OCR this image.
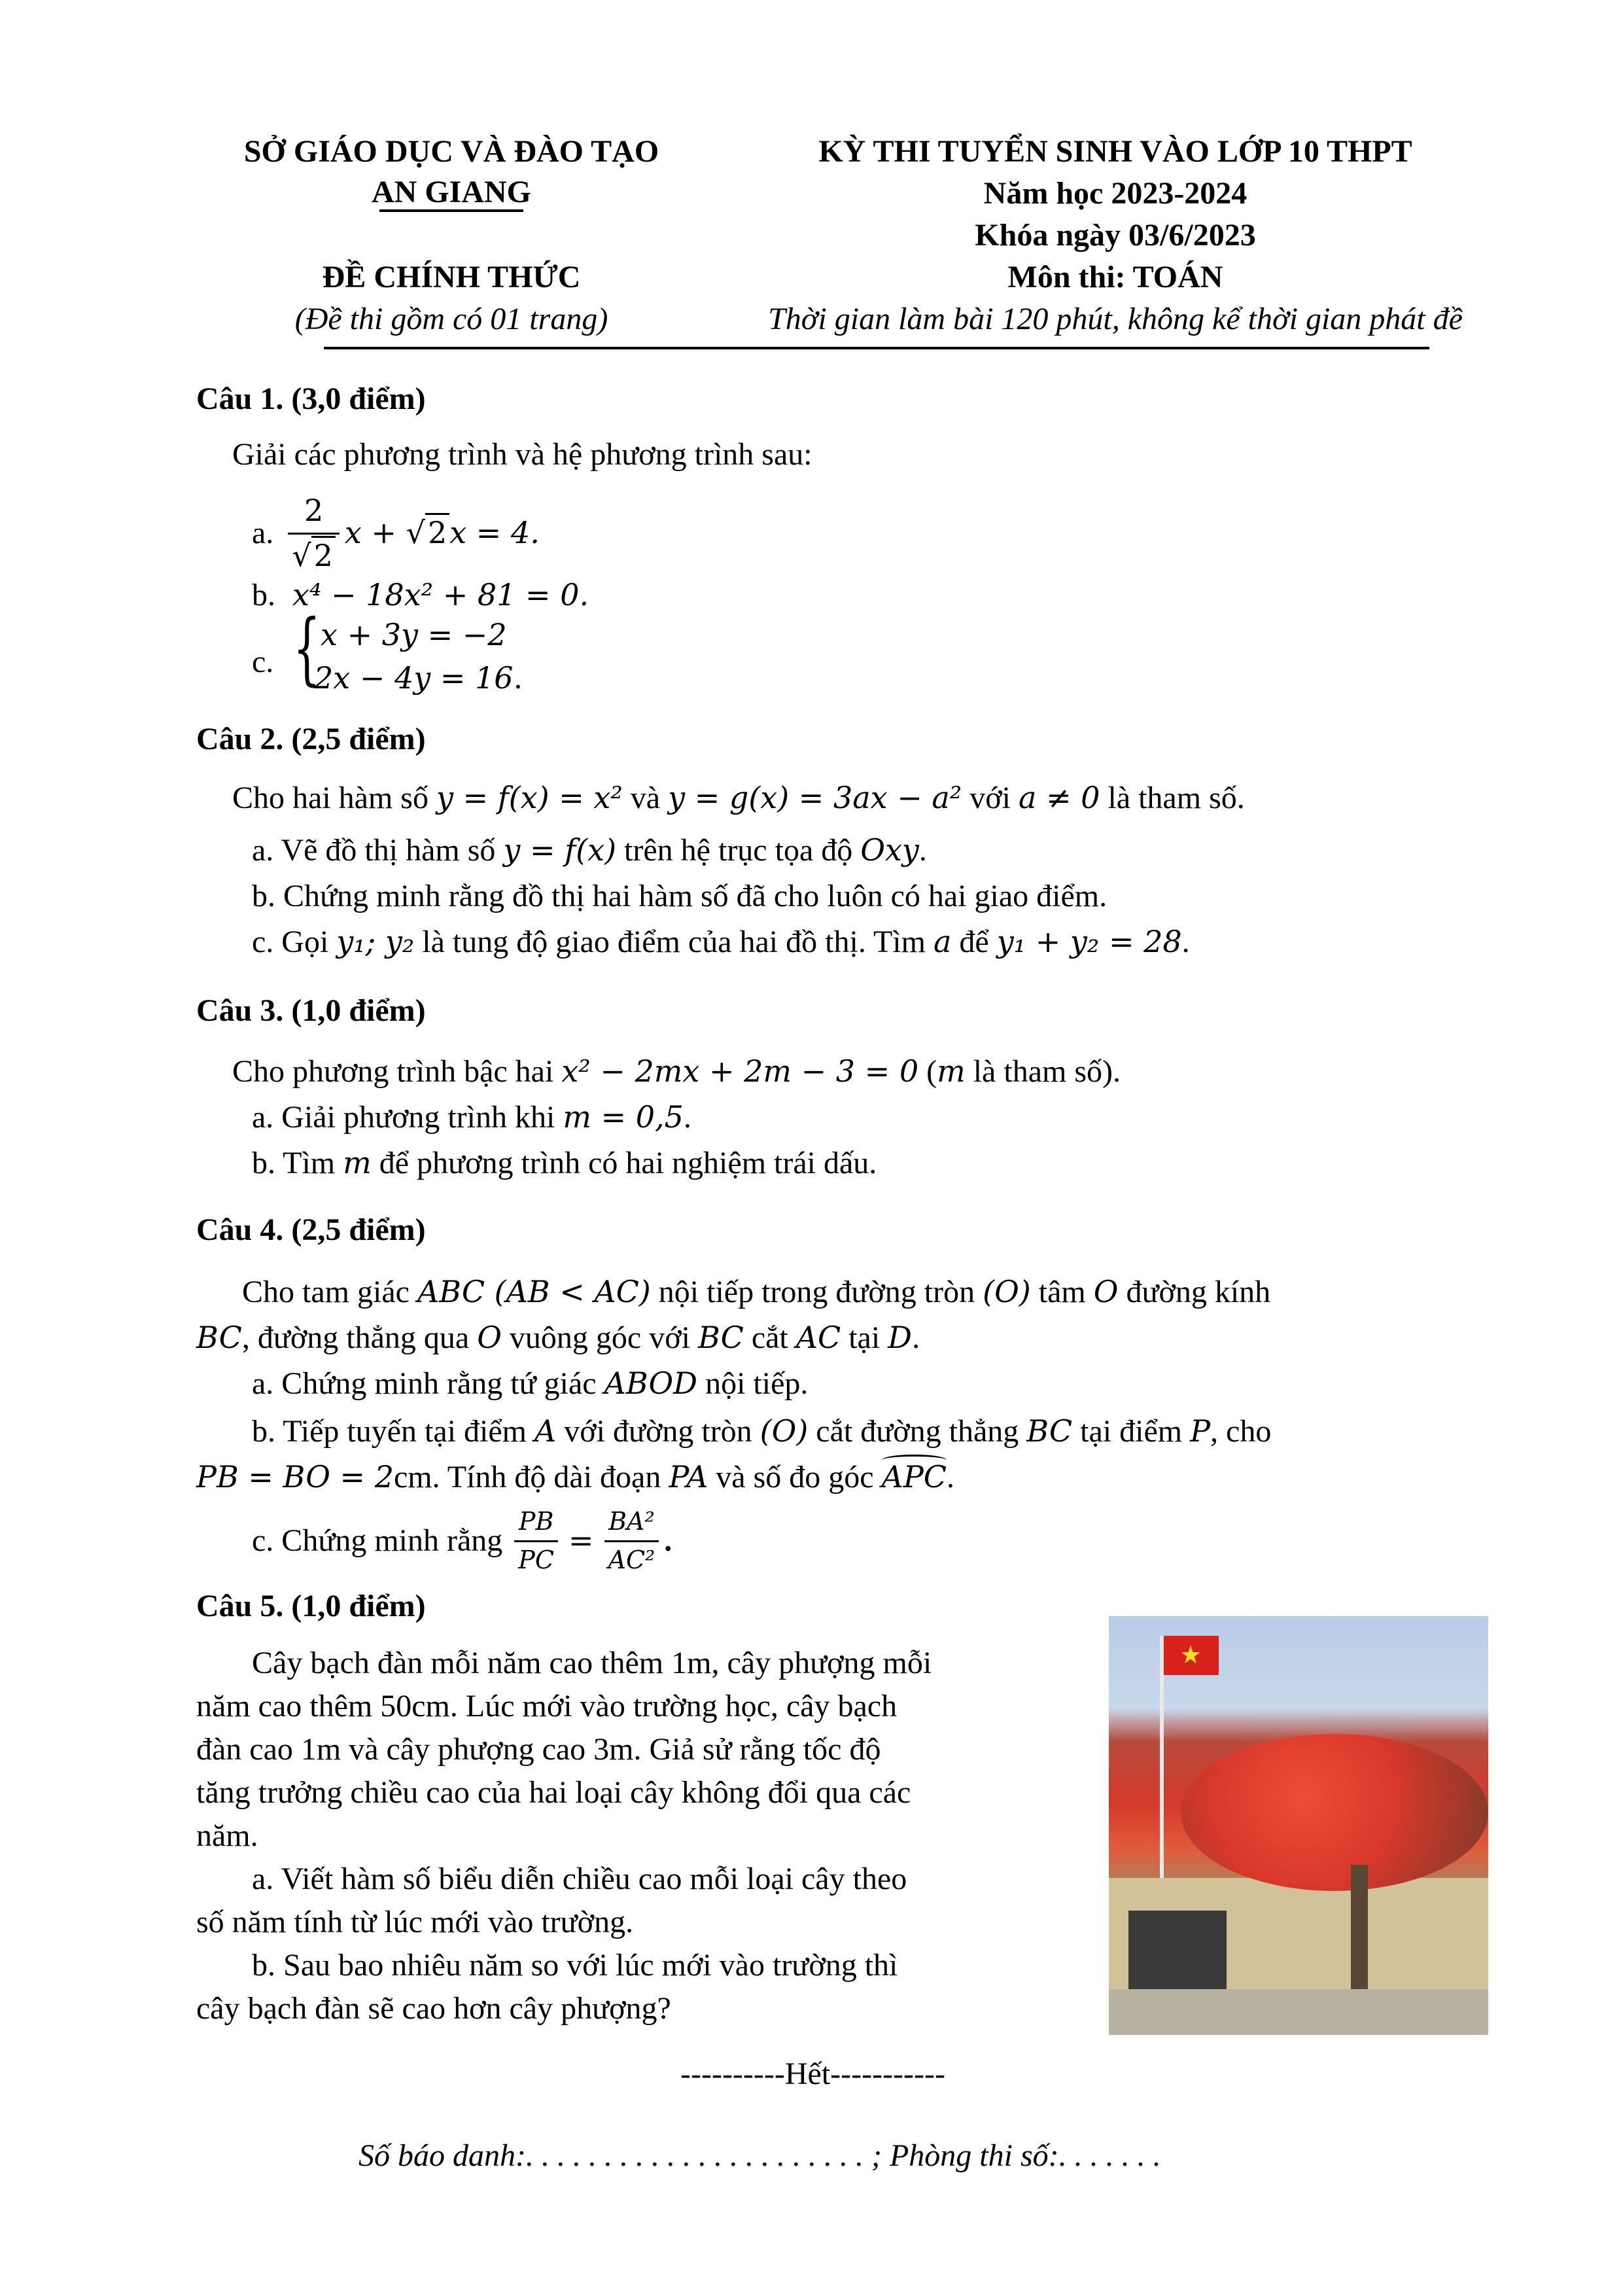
SỞ GIÁO DỤC VÀ ĐÀO TẠO
AN GIANG
ĐỀ CHÍNH THỨC
(Đề thi gồm có 01 trang)
KỲ THI TUYỂN SINH VÀO LỚP 10 THPT
Năm học 2023-2024
Khóa ngày 03/6/2023
Môn thi: TOÁN
Thời gian làm bài 120 phút, không kể thời gian phát đề
Câu 1. (3,0 điểm)
Giải các phương trình và hệ phương trình sau:
a. $\frac{2}{√2}$ x + √ 2 x = 4.
b. x⁴ − 18x² + 81 = 0.
c. { x + 3y = −2
2x − 4y = 16.
Câu 2. (2,5 điểm)
Cho hai hàm số y = f(x) = x² và y = g(x) = 3ax − a² với a ≠ 0 là tham số.
a. Vẽ đồ thị hàm số y = f(x) trên hệ trục tọa độ Oxy.
b. Chứng minh rằng đồ thị hai hàm số đã cho luôn có hai giao điểm.
c. Gọi y₁; y₂ là tung độ giao điểm của hai đồ thị. Tìm a để y₁ + y₂ = 28.
Câu 3. (1,0 điểm)
Cho phương trình bậc hai x² − 2mx + 2m − 3 = 0 (m là tham số).
a. Giải phương trình khi m = 0,5.
b. Tìm m để phương trình có hai nghiệm trái dấu.
Câu 4. (2,5 điểm)
Cho tam giác ABC (AB < AC) nội tiếp trong đường tròn (O) tâm O đường kính
BC, đường thẳng qua O vuông góc với BC cắt AC tại D.
a. Chứng minh rằng tứ giác ABOD nội tiếp.
b. Tiếp tuyến tại điểm A với đường tròn (O) cắt đường thẳng BC tại điểm P, cho
PB = BO = 2cm. Tính độ dài đoạn PA và số đo góc APC
.
c. Chứng minh rằng $\frac{PB}{PC} = \frac{\text{BA²}}{\text{AC²}}$ .
Câu 5. (1,0 điểm)
Cây bạch đàn mỗi năm cao thêm 1m, cây phượng mỗi
năm cao thêm 50cm. Lúc mới vào trường học, cây bạch
đàn cao 1m và cây phượng cao 3m. Giả sử rằng tốc độ
tăng trưởng chiều cao của hai loại cây không đổi qua các
năm.
a. Viết hàm số biểu diễn chiều cao mỗi loại cây theo
số năm tính từ lúc mới vào trường.
b. Sau bao nhiêu năm so với lúc mới vào trường thì
cây bạch đàn sẽ cao hơn cây phượng?
★
----------Hết-----------
Số báo danh:. . . . . . . . . . . . . . . . . . . . . . ; Phòng thi số:. . . . . . .
